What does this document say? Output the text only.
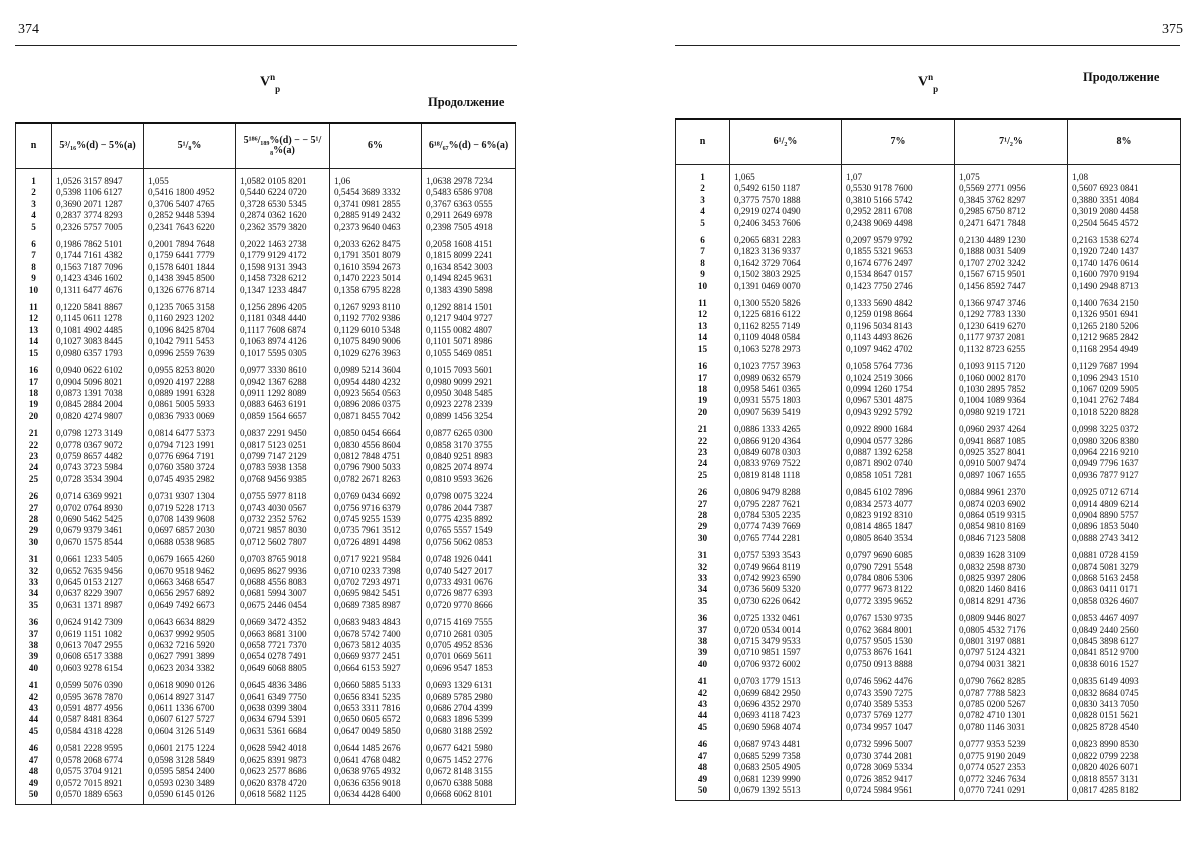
374
$V^n_p$
Продолжение
n	5³/₁₆%(d) − 5%(a)	5¹/₈%	5¹⁸⁶/₁₈₉%(d) − − 5¹/₈%(a)	6%	6¹⁸/₆₇%(d) − 6%(a)

1	1,0526 3157 8947	1,055	1,0582 0105 8201	1,06	1,0638 2978 7234
2	0,5398 1106 6127	0,5416 1800 4952	0,5440 6224 0720	0,5454 3689 3332	0,5483 6586 9708
3	0,3690 2071 1287	0,3706 5407 4765	0,3728 6530 5345	0,3741 0981 2855	0,3767 6363 0555
4	0,2837 3774 8293	0,2852 9448 5394	0,2874 0362 1620	0,2885 9149 2432	0,2911 2649 6978
5	0,2326 5757 7005	0,2341 7643 6220	0,2362 3579 3820	0,2373 9640 0463	0,2398 7505 4918

6	0,1986 7862 5101	0,2001 7894 7648	0,2022 1463 2738	0,2033 6262 8475	0,2058 1608 4151
7	0,1744 7161 4382	0,1759 6441 7779	0,1779 9129 4172	0,1791 3501 8079	0,1815 8099 2241
8	0,1563 7187 7096	0,1578 6401 1844	0,1598 9131 3943	0,1610 3594 2673	0,1634 8542 3003
9	0,1423 4346 1602	0,1438 3945 8500	0,1458 7328 6212	0,1470 2223 5014	0,1494 8245 9631
10	0,1311 6477 4676	0,1326 6776 8714	0,1347 1233 4847	0,1358 6795 8228	0,1383 4390 5898

11	0,1220 5841 8867	0,1235 7065 3158	0,1256 2896 4205	0,1267 9293 8110	0,1292 8814 1501
12	0,1145 0611 1278	0,1160 2923 1202	0,1181 0348 4440	0,1192 7702 9386	0,1217 9404 9727
13	0,1081 4902 4485	0,1096 8425 8704	0,1117 7608 6874	0,1129 6010 5348	0,1155 0082 4807
14	0,1027 3083 8445	0,1042 7911 5453	0,1063 8974 4126	0,1075 8490 9006	0,1101 5071 8986
15	0,0980 6357 1793	0,0996 2559 7639	0,1017 5595 0305	0,1029 6276 3963	0,1055 5469 0851

16	0,0940 0622 6102	0,0955 8253 8020	0,0977 3330 8610	0,0989 5214 3604	0,1015 7093 5601
17	0,0904 5096 8021	0,0920 4197 2288	0,0942 1367 6288	0,0954 4480 4232	0,0980 9099 2921
18	0,0873 1391 7038	0,0889 1991 6328	0,0911 1292 8089	0,0923 5654 0563	0,0950 3048 5485
19	0,0845 2884 2004	0,0861 5005 5933	0,0883 6463 6191	0,0896 2086 0375	0,0923 2278 2339
20	0,0820 4274 9807	0,0836 7933 0069	0,0859 1564 6657	0,0871 8455 7042	0,0899 1456 3254

21	0,0798 1273 3149	0,0814 6477 5373	0,0837 2291 9450	0,0850 0454 6664	0,0877 6265 0300
22	0,0778 0367 9072	0,0794 7123 1991	0,0817 5123 0251	0,0830 4556 8604	0,0858 3170 3755
23	0,0759 8657 4482	0,0776 6964 7191	0,0799 7147 2129	0,0812 7848 4751	0,0840 9251 8983
24	0,0743 3723 5984	0,0760 3580 3724	0,0783 5938 1358	0,0796 7900 5033	0,0825 2074 8974
25	0,0728 3534 3904	0,0745 4935 2982	0,0768 9456 9385	0,0782 2671 8263	0,0810 9593 3626

26	0,0714 6369 9921	0,0731 9307 1304	0,0755 5977 8118	0,0769 0434 6692	0,0798 0075 3224
27	0,0702 0764 8930	0,0719 5228 1713	0,0743 4030 0567	0,0756 9716 6379	0,0786 2044 7387
28	0,0690 5462 5425	0,0708 1439 9608	0,0732 2352 5762	0,0745 9255 1539	0,0775 4235 8892
29	0,0679 9379 3461	0,0697 6857 2030	0,0721 9857 8030	0,0735 7961 3512	0,0765 5557 1549
30	0,0670 1575 8544	0,0688 0538 9685	0,0712 5602 7807	0,0726 4891 4498	0,0756 5062 0853

31	0,0661 1233 5405	0,0679 1665 4260	0,0703 8765 9018	0,0717 9221 9584	0,0748 1926 0441
32	0,0652 7635 9456	0,0670 9518 9462	0,0695 8627 9936	0,0710 0233 7398	0,0740 5427 2017
33	0,0645 0153 2127	0,0663 3468 6547	0,0688 4556 8083	0,0702 7293 4971	0,0733 4931 0676
34	0,0637 8229 3907	0,0656 2957 6892	0,0681 5994 3007	0,0695 9842 5451	0,0726 9877 6393
35	0,0631 1371 8987	0,0649 7492 6673	0,0675 2446 0454	0,0689 7385 8987	0,0720 9770 8666

36	0,0624 9142 7309	0,0643 6634 8829	0,0669 3472 4352	0,0683 9483 4843	0,0715 4169 7555
37	0,0619 1151 1082	0,0637 9992 9505	0,0663 8681 3100	0,0678 5742 7400	0,0710 2681 0305
38	0,0613 7047 2955	0,0632 7216 5920	0,0658 7721 7370	0,0673 5812 4035	0,0705 4952 8536
39	0,0608 6517 3388	0,0627 7991 3899	0,0654 0278 7491	0,0669 9377 2451	0,0701 0669 5611
40	0,0603 9278 6154	0,0623 2034 3382	0,0649 6068 8805	0,0664 6153 5927	0,0696 9547 1853

41	0,0599 5076 0390	0,0618 9090 0126	0,0645 4836 3486	0,0660 5885 5133	0,0693 1329 6131
42	0,0595 3678 7870	0,0614 8927 3147	0,0641 6349 7750	0,0656 8341 5235	0,0689 5785 2980
43	0,0591 4877 4956	0,0611 1336 6700	0,0638 0399 3804	0,0653 3311 7816	0,0686 2704 4399
44	0,0587 8481 8364	0,0607 6127 5727	0,0634 6794 5391	0,0650 0605 6572	0,0683 1896 5399
45	0,0584 4318 4228	0,0604 3126 5149	0,0631 5361 6684	0,0647 0049 5850	0,0680 3188 2592

46	0,0581 2228 9595	0,0601 2175 1224	0,0628 5942 4018	0,0644 1485 2676	0,0677 6421 5980
47	0,0578 2068 6774	0,0598 3128 5849	0,0625 8391 9873	0,0641 4768 0482	0,0675 1452 2776
48	0,0575 3704 9121	0,0595 5854 2400	0,0623 2577 8686	0,0638 9765 4932	0,0672 8148 3155
49	0,0572 7015 8921	0,0593 0230 3489	0,0620 8378 4720	0,0636 6356 9018	0,0670 6388 5088
50	0,0570 1889 6563	0,0590 6145 0126	0,0618 5682 1125	0,0634 4428 6400	0,0668 6062 8101

375
$V^n_p$
Продолжение
n	6¹/₂%	7%	7¹/₂%	8%

1	1,065	1,07	1,075	1,08
2	0,5492 6150 1187	0,5530 9178 7600	0,5569 2771 0956	0,5607 6923 0841
3	0,3775 7570 1888	0,3810 5166 5742	0,3845 3762 8297	0,3880 3351 4084
4	0,2919 0274 0490	0,2952 2811 6708	0,2985 6750 8712	0,3019 2080 4458
5	0,2406 3453 7606	0,2438 9069 4498	0,2471 6471 7848	0,2504 5645 4572

6	0,2065 6831 2283	0,2097 9579 9792	0,2130 4489 1230	0,2163 1538 6274
7	0,1823 3136 9337	0,1855 5321 9653	0,1888 0031 5409	0,1920 7240 1437
8	0,1642 3729 7064	0,1674 6776 2497	0,1707 2702 3242	0,1740 1476 0614
9	0,1502 3803 2925	0,1534 8647 0157	0,1567 6715 9501	0,1600 7970 9194
10	0,1391 0469 0070	0,1423 7750 2746	0,1456 8592 7447	0,1490 2948 8713

11	0,1300 5520 5826	0,1333 5690 4842	0,1366 9747 3746	0,1400 7634 2150
12	0,1225 6816 6122	0,1259 0198 8664	0,1292 7783 1330	0,1326 9501 6941
13	0,1162 8255 7149	0,1196 5034 8143	0,1230 6419 6270	0,1265 2180 5206
14	0,1109 4048 0584	0,1143 4493 8626	0,1177 9737 2081	0,1212 9685 2842
15	0,1063 5278 2973	0,1097 9462 4702	0,1132 8723 6255	0,1168 2954 4949

16	0,1023 7757 3963	0,1058 5764 7736	0,1093 9115 7120	0,1129 7687 1994
17	0,0989 0632 6579	0,1024 2519 3066	0,1060 0002 8170	0,1096 2943 1510
18	0,0958 5461 0365	0,0994 1260 1754	0,1030 2895 7852	0,1067 0209 5905
19	0,0931 5575 1803	0,0967 5301 4875	0,1004 1089 9364	0,1041 2762 7484
20	0,0907 5639 5419	0,0943 9292 5792	0,0980 9219 1721	0,1018 5220 8828

21	0,0886 1333 4265	0,0922 8900 1684	0,0960 2937 4264	0,0998 3225 0372
22	0,0866 9120 4364	0,0904 0577 3286	0,0941 8687 1085	0,0980 3206 8380
23	0,0849 6078 0303	0,0887 1392 6258	0,0925 3527 8041	0,0964 2216 9210
24	0,0833 9769 7522	0,0871 8902 0740	0,0910 5007 9474	0,0949 7796 1637
25	0,0819 8148 1118	0,0858 1051 7281	0,0897 1067 1655	0,0936 7877 9127

26	0,0806 9479 8288	0,0845 6102 7896	0,0884 9961 2370	0,0925 0712 6714
27	0,0795 2287 7621	0,0834 2573 4077	0,0874 0203 6902	0,0914 4809 6214
28	0,0784 5305 2235	0,0823 9192 8310	0,0864 0519 9315	0,0904 8890 5757
29	0,0774 7439 7669	0,0814 4865 1847	0,0854 9810 8169	0,0896 1853 5040
30	0,0765 7744 2281	0,0805 8640 3534	0,0846 7123 5808	0,0888 2743 3412

31	0,0757 5393 3543	0,0797 9690 6085	0,0839 1628 3109	0,0881 0728 4159
32	0,0749 9664 8119	0,0790 7291 5548	0,0832 2598 8730	0,0874 5081 3279
33	0,0742 9923 6590	0,0784 0806 5306	0,0825 9397 2806	0,0868 5163 2458
34	0,0736 5609 5320	0,0777 9673 8122	0,0820 1460 8416	0,0863 0411 0171
35	0,0730 6226 0642	0,0772 3395 9652	0,0814 8291 4736	0,0858 0326 4607

36	0,0725 1332 0461	0,0767 1530 9735	0,0809 9446 8027	0,0853 4467 4097
37	0,0720 0534 0014	0,0762 3684 8001	0,0805 4532 7176	0,0849 2440 2560
38	0,0715 3479 9533	0,0757 9505 1530	0,0801 3197 0881	0,0845 3898 6127
39	0,0710 9851 1597	0,0753 8676 1641	0,0797 5124 4321	0,0841 8512 9700
40	0,0706 9372 6002	0,0750 0913 8888	0,0794 0031 3821	0,0838 6016 1527

41	0,0703 1779 1513	0,0746 5962 4476	0,0790 7662 8285	0,0835 6149 4093
42	0,0699 6842 2950	0,0743 3590 7275	0,0787 7788 5823	0,0832 8684 0745
43	0,0696 4352 2970	0,0740 3589 5353	0,0785 0200 5267	0,0830 3413 7050
44	0,0693 4118 7423	0,0737 5769 1277	0,0782 4710 1301	0,0828 0151 5621
45	0,0690 5968 4074	0,0734 9957 1047	0,0780 1146 3031	0,0825 8728 4540

46	0,0687 9743 4481	0,0732 5996 5007	0,0777 9353 5239	0,0823 8990 8530
47	0,0685 5299 7358	0,0730 3744 2081	0,0775 9190 2049	0,0822 0799 2238
48	0,0683 2505 4905	0,0728 3069 5334	0,0774 0527 2353	0,0820 4026 6071
49	0,0681 1239 9990	0,0726 3852 9417	0,0772 3246 7634	0,0818 8557 3131
50	0,0679 1392 5513	0,0724 5984 9561	0,0770 7241 0291	0,0817 4285 8182
